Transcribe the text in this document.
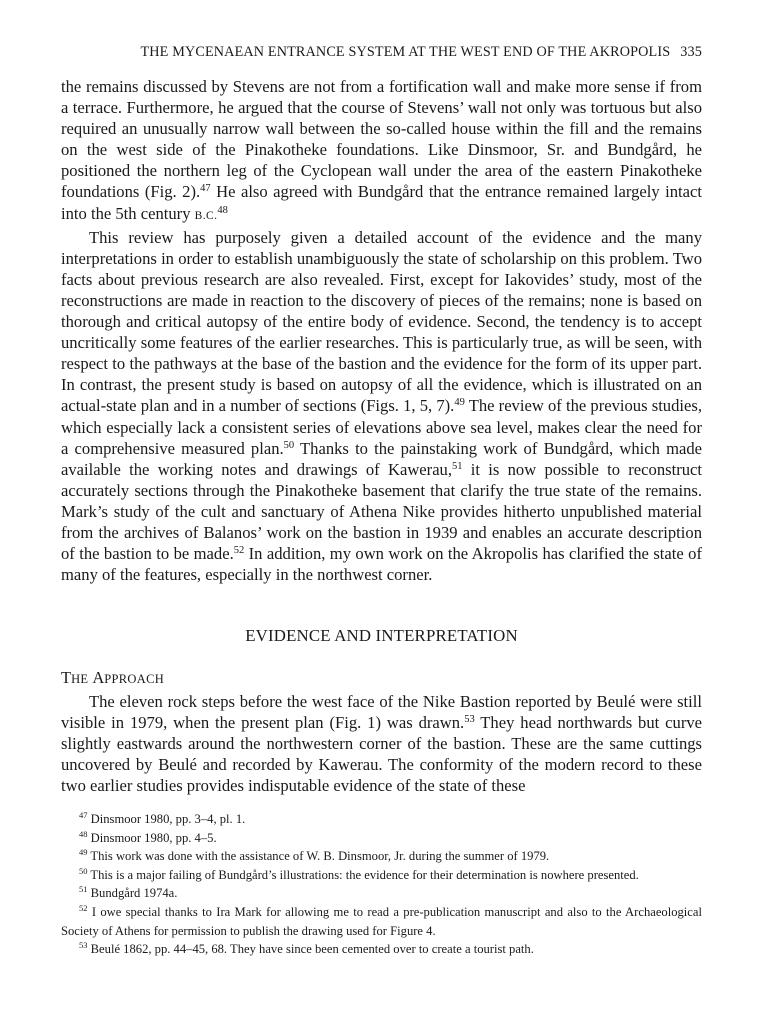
THE MYCENAEAN ENTRANCE SYSTEM AT THE WEST END OF THE AKROPOLIS 335

the remains discussed by Stevens are not from a fortification wall and make more sense if from a terrace. Furthermore, he argued that the course of Stevens’ wall not only was tortuous but also required an unusually narrow wall between the so-called house within the fill and the remains on the west side of the Pinakotheke foundations. Like Dinsmoor, Sr. and Bundgård, he positioned the northern leg of the Cyclopean wall under the area of the eastern Pinakotheke foundations (Fig. 2).$^{47}$ He also agreed with Bundgård that the entrance remained largely intact into the 5th century B.C.$^{48}$

This review has purposely given a detailed account of the evidence and the many interpretations in order to establish unambiguously the state of scholarship on this problem. Two facts about previous research are also revealed. First, except for Iakovides’ study, most of the reconstructions are made in reaction to the discovery of pieces of the remains; none is based on thorough and critical autopsy of the entire body of evidence. Second, the tendency is to accept uncritically some features of the earlier researches. This is particularly true, as will be seen, with respect to the pathways at the base of the bastion and the evidence for the form of its upper part. In contrast, the present study is based on autopsy of all the evidence, which is illustrated on an actual-state plan and in a number of sections (Figs. 1, 5, 7).$^{49}$ The review of the previous studies, which especially lack a consistent series of elevations above sea level, makes clear the need for a comprehensive measured plan.$^{50}$ Thanks to the painstaking work of Bundgård, which made available the working notes and drawings of Kawerau,$^{51}$ it is now possible to reconstruct accurately sections through the Pinakotheke basement that clarify the true state of the remains. Mark’s study of the cult and sanctuary of Athena Nike provides hitherto unpublished material from the archives of Balanos’ work on the bastion in 1939 and enables an accurate description of the bastion to be made.$^{52}$ In addition, my own work on the Akropolis has clarified the state of many of the features, especially in the northwest corner.

EVIDENCE AND INTERPRETATION
THE APPROACH

The eleven rock steps before the west face of the Nike Bastion reported by Beulé were still visible in 1979, when the present plan (Fig. 1) was drawn.$^{53}$ They head northwards but curve slightly eastwards around the northwestern corner of the bastion. These are the same cuttings uncovered by Beulé and recorded by Kawerau. The conformity of the modern record to these two earlier studies provides indisputable evidence of the state of these

$^{47}$ Dinsmoor 1980, pp. 3–4, pl. 1.

$^{48}$ Dinsmoor 1980, pp. 4–5.

$^{49}$ This work was done with the assistance of W. B. Dinsmoor, Jr. during the summer of 1979.

$^{50}$ This is a major failing of Bundgård’s illustrations: the evidence for their determination is nowhere presented.

$^{51}$ Bundgård 1974a.

$^{52}$ I owe special thanks to Ira Mark for allowing me to read a pre-publication manuscript and also to the Archaeological Society of Athens for permission to publish the drawing used for Figure 4.

$^{53}$ Beulé 1862, pp. 44–45, 68. They have since been cemented over to create a tourist path.
